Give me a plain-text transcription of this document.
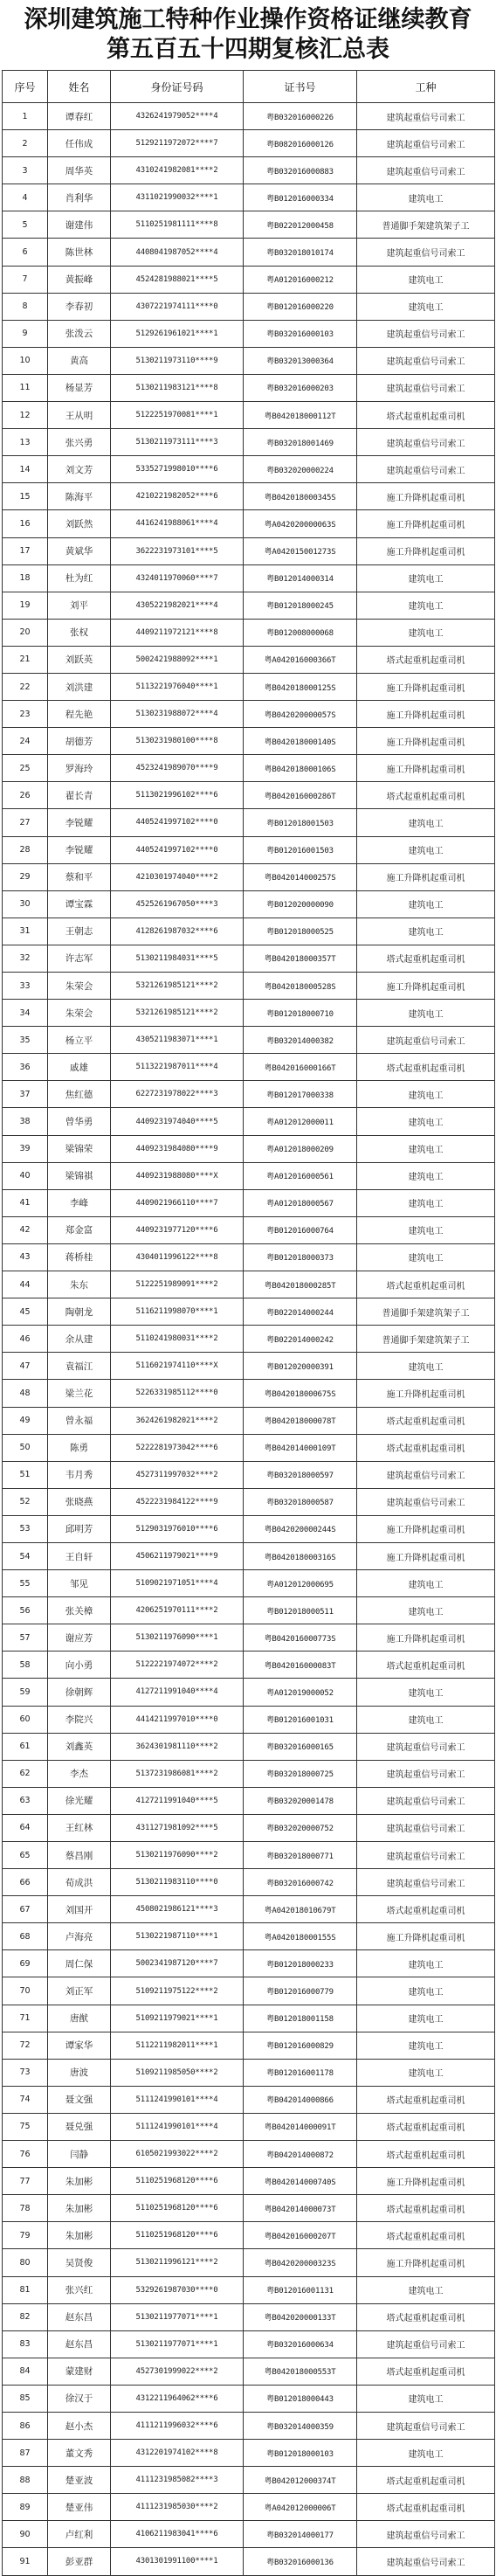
深圳建筑施工特种作业操作资格证继续教育
第五百五十四期复核汇总表
序号	姓名	身份证号码	证书号	工种
1	谭春红	432624197905​2****4	粤B032016000226	建筑起重信号司索工
2	任伟成	512921197207​2****7	粤B082016000126	建筑起重信号司索工
3	周华英	431024198208​1****2	粤B032016000883	建筑起重信号司索工
4	肖利华	431102199003​2****1	粤B012016000334	建筑电工
5	谢建伟	511025198111​1****8	粤B022012000458	普通脚手架建筑架子工
6	陈世林	440804198705​2****4	粤B032018010174	建筑起重信号司索工
7	黄振峰	452428198802​1****5	粤A012016000212	建筑电工
8	李春初	430722197411​1****0	粤B012016000220	建筑电工
9	张泼云	512926196102​1****1	粤B032016000103	建筑起重信号司索工
10	黄高	513021197311​0****9	粤B032013000364	建筑起重信号司索工
11	杨显芳	513021198312​1****8	粤B032016000203	建筑起重信号司索工
12	王从明	512225197008​1****1	粤B042018000112T	塔式起重机起重司机
13	张兴勇	513021197311​1****3	粤B032018001469	建筑起重信号司索工
14	刘文芳	533527199801​0****6	粤B032020000224	建筑起重信号司索工
15	陈海平	421022198205​2****6	粤B042018000345S	施工升降机起重司机
16	刘跃然	441624198806​1****4	粤A042020000063S	施工升降机起重司机
17	黄斌华	362223197310​1****5	粤A042015001273S	施工升降机起重司机
18	杜为红	432401197006​0****7	粤B012014000314	建筑电工
19	刘平	430522198202​1****4	粤B012018000245	建筑电工
20	张权	440921197212​1****8	粤B012008000068	建筑电工
21	刘跃英	500242198809​2****1	粤A042016000366T	塔式起重机起重司机
22	刘洪建	511322197604​0****1	粤B042018000125S	施工升降机起重司机
23	程先艳	513023198807​2****4	粤B042020000057S	施工升降机起重司机
24	胡德芳	513023198010​0****8	粤B042018000140S	施工升降机起重司机
25	罗海玲	452324198907​0****9	粤B042018000106S	施工升降机起重司机
26	翟长青	511302199610​2****6	粤B042016000286T	塔式起重机起重司机
27	李锐耀	440524199710​2****0	粤B012018001503	建筑电工
28	李锐耀	440524199710​2****0	粤B012016001503	建筑电工
29	蔡和平	421030197404​0****2	粤B042014000257S	施工升降机起重司机
30	谭宝霖	452526196705​0****3	粤B012020000090	建筑电工
31	王朝志	412826198703​2****6	粤B012018000525	建筑电工
32	许志军	513021198403​1****5	粤B042018000357T	塔式起重机起重司机
33	朱荣会	532126198512​1****2	粤B042018000528S	施工升降机起重司机
34	朱荣会	532126198512​1****2	粤B012018000710	建筑电工
35	杨立平	430521198307​1****1	粤B032014000382	建筑起重信号司索工
36	戚雄	511322198701​1****4	粤B042016000166T	塔式起重机起重司机
37	焦红德	622723197802​2****3	粤B012017000338	建筑电工
38	曾华勇	440923197404​0****5	粤A012012000011	建筑电工
39	梁锦荣	440923198408​0****9	粤A012018000209	建筑电工
40	梁锦祺	440923198808​0****X	粤A012016000561	建筑电工
41	李峰	440902196611​0****7	粤A012018000567	建筑电工
42	郑金富	440923197712​0****6	粤B012016000764	建筑电工
43	蒋桥桂	430401199612​2****8	粤B012018000373	建筑电工
44	朱东	512225198909​1****2	粤B042018000285T	塔式起重机起重司机
45	陶朝龙	511621199807​0****1	粤B022014000244	普通脚手架建筑架子工
46	余从建	511024198003​1****2	粤B022014000242	普通脚手架建筑架子工
47	袁福江	511602197411​0****X	粤B012020000391	建筑电工
48	梁兰花	522633198511​2****0	粤B042018000675S	施工升降机起重司机
49	曾永福	362426198202​1****2	粤B042018000078T	塔式起重机起重司机
50	陈勇	522228197304​2****6	粤B042014000109T	塔式起重机起重司机
51	韦月秀	452731199703​2****2	粤B032018000597	建筑起重信号司索工
52	张晓燕	452223198412​2****9	粤B032018000587	建筑起重信号司索工
53	邱明芳	512903197601​0****6	粤B042020000244S	施工升降机起重司机
54	王自轩	450621197902​1****9	粤B042018000316S	施工升降机起重司机
55	邹见	510902197105​1****4	粤A012012000695	建筑电工
56	张关樟	420625197011​1****2	粤B012018000511	建筑电工
57	谢应芳	513021197609​0****1	粤B042016000773S	施工升降机起重司机
58	向小勇	512222197407​2****2	粤B042016000083T	塔式起重机起重司机
59	徐朝辉	412721199104​0****4	粤A012019000052	建筑电工
60	李院兴	441421199701​0****0	粤B012016001031	建筑电工
61	刘鑫英	362430198111​0****2	粤B032016000165	建筑起重信号司索工
62	李杰	513723198608​1****2	粤B032018000725	建筑起重信号司索工
63	徐光耀	412721199104​0****5	粤B032020001478	建筑起重信号司索工
64	王红林	431127198109​2****5	粤B032020000752	建筑起重信号司索工
65	蔡昌刚	513021197609​0****2	粤B032018000771	建筑起重信号司索工
66	荀成洪	513021198311​0****0	粤B032016000742	建筑起重信号司索工
67	刘国开	450802198612​1****3	粤A042018010679T	塔式起重机起重司机
68	卢海亮	513022198711​0****1	粤A042018000155S	施工升降机起重司机
69	周仁保	500234198712​0****7	粤B012018000233	建筑电工
70	刘正军	510921197512​2****2	粤B012016000779	建筑电工
71	唐猷	510921197902​1****1	粤B012018001158	建筑电工
72	谭家华	511221198201​1****1	粤B012016000829	建筑电工
73	唐波	510921198505​0****2	粤B012016001178	建筑电工
74	聂文强	511124199010​1****4	粤B042014000866	塔式起重机起重司机
75	聂兑强	511124199010​1****4	粤B042014000091T	塔式起重机起重司机
76	闫静	610502199302​2****2	粤B042014000872	塔式起重机起重司机
77	朱加彬	511025196812​0****6	粤B042014000740S	施工升降机起重司机
78	朱加彬	511025196812​0****6	粤B042014000073T	塔式起重机起重司机
79	朱加彬	511025196812​0****6	粤B042016000207T	塔式起重机起重司机
80	吴贤俊	513021199612​1****2	粤B042020000323S	施工升降机起重司机
81	张兴红	532926198703​0****0	粤B012016001131	建筑电工
82	赵东昌	513021197707​1****1	粤B042020000133T	塔式起重机起重司机
83	赵东昌	513021197707​1****1	粤B032016000634	建筑起重信号司索工
84	蒙建财	452730199902​2****2	粤B042018000553T	塔式起重机起重司机
85	徐汉于	431221196406​2****6	粤B012018000443	建筑电工
86	赵小杰	411121199603​2****6	粤B032014000359	建筑起重信号司索工
87	董文秀	431220197410​2****8	粤B012018000103	建筑电工
88	楚亚波	411123198508​2****3	粤B042012000374T	塔式起重机起重司机
89	楚亚伟	411123198503​0****2	粤A042012000006T	塔式起重机起重司机
90	卢红利	410621198304​1****6	粤B032014000177	建筑起重信号司索工
91	彭亚群	430130199110​0****1	粤B032016000136	建筑起重信号司索工
